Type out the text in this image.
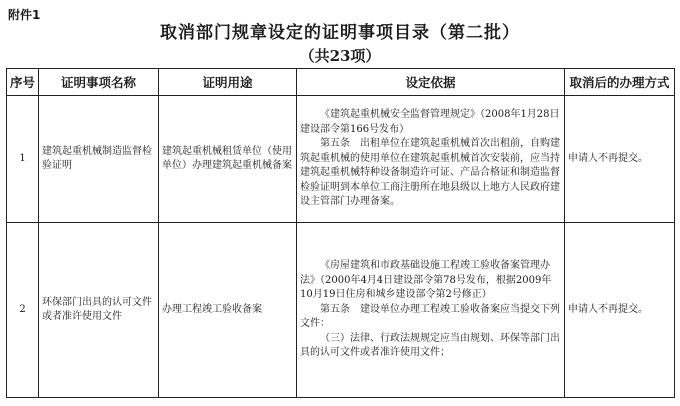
附件1
取消部门规章设定的证明事项目录（第二批）
（共23项）
序号	证明事项名称	证明用途	设定依据	取消后的办理方式
1	建筑起重机械制造监督检验证明	建筑起重机械租赁单位（使用单位）办理建筑起重机械备案	《建筑起重机械安全监督管理规定》（2008年1月28日建设部令第166号发布）
第五条　出租单位在建筑起重机械首次出租前，自购建筑起重机械的使用单位在建筑起重机械首次安装前，应当持建筑起重机械特种设备制造许可证、产品合格证和制造监督检验证明到本单位工商注册所在地县级以上地方人民政府建设主管部门办理备案。	申请人不再提交。
2	环保部门出具的认可文件或者准许使用文件	办理工程竣工验收备案	《房屋建筑和市政基础设施工程竣工验收备案管理办法》（2000年4月4日建设部令第78号发布，根据2009年10月19日住房和城乡建设部令第2号修正）
第五条　建设单位办理工程竣工验收备案应当提交下列文件：
（三）法律、行政法规规定应当由规划、环保等部门出具的认可文件或者准许使用文件；	申请人不再提交。
